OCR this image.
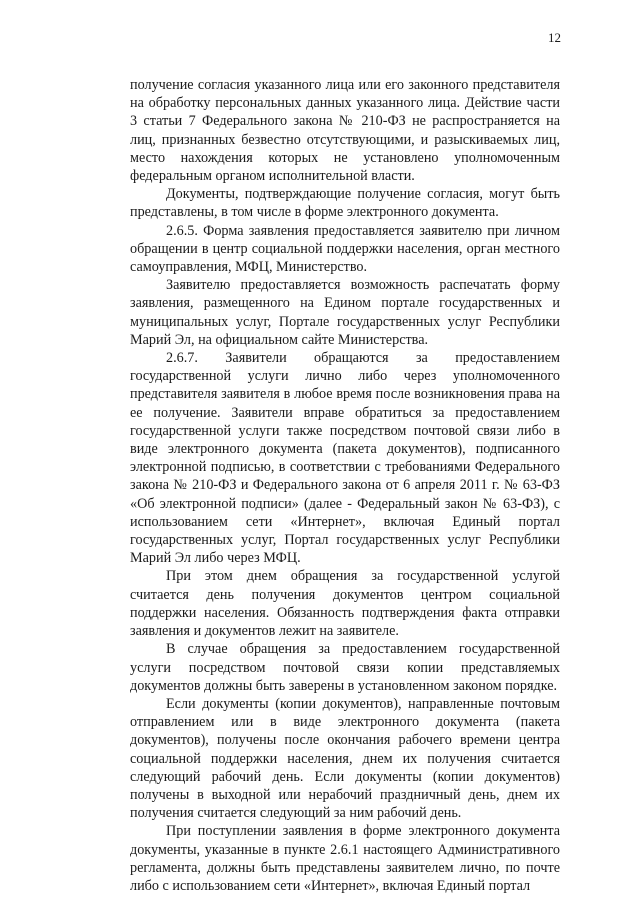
12

получение согласия указанного лица или его законного представителя на обработку персональных данных указанного лица. Действие части 3 статьи 7 Федерального закона № 210-ФЗ не распространяется на лиц, признанных безвестно отсутствующими, и разыскиваемых лиц, место нахождения которых не установлено уполномоченным федеральным органом исполнительной власти.

Документы, подтверждающие получение согласия, могут быть представлены, в том числе в форме электронного документа.

2.6.5. Форма заявления предоставляется заявителю при личном обращении в центр социальной поддержки населения, орган местного самоуправления, МФЦ, Министерство.

Заявителю предоставляется возможность распечатать форму заявления, размещенного на Едином портале государственных и муниципальных услуг, Портале государственных услуг Республики Марий Эл, на официальном сайте Министерства.

2.6.7. Заявители обращаются за предоставлением государственной услуги лично либо через уполномоченного представителя заявителя в любое время после возникновения права на ее получение. Заявители вправе обратиться за предоставлением государственной услуги также посредством почтовой связи либо в виде электронного документа (пакета документов), подписанного электронной подписью, в соответствии с требованиями Федерального закона № 210-ФЗ и Федерального закона от 6 апреля 2011 г. № 63-ФЗ «Об электронной подписи» (далее - Федеральный закон № 63-ФЗ), с использованием сети «Интернет», включая Единый портал государственных услуг, Портал государственных услуг Республики Марий Эл либо через МФЦ.

При этом днем обращения за государственной услугой считается день получения документов центром социальной поддержки населения. Обязанность подтверждения факта отправки заявления и документов лежит на заявителе.

В случае обращения за предоставлением государственной услуги посредством почтовой связи копии представляемых документов должны быть заверены в установленном законом порядке.

Если документы (копии документов), направленные почтовым отправлением или в виде электронного документа (пакета документов), получены после окончания рабочего времени центра социальной поддержки населения, днем их получения считается следующий рабочий день. Если документы (копии документов) получены в выходной или нерабочий праздничный день, днем их получения считается следующий за ним рабочий день.

При поступлении заявления в форме электронного документа документы, указанные в пункте 2.6.1 настоящего Административного регламента, должны быть представлены заявителем лично, по почте либо с использованием сети «Интернет», включая Единый портал
